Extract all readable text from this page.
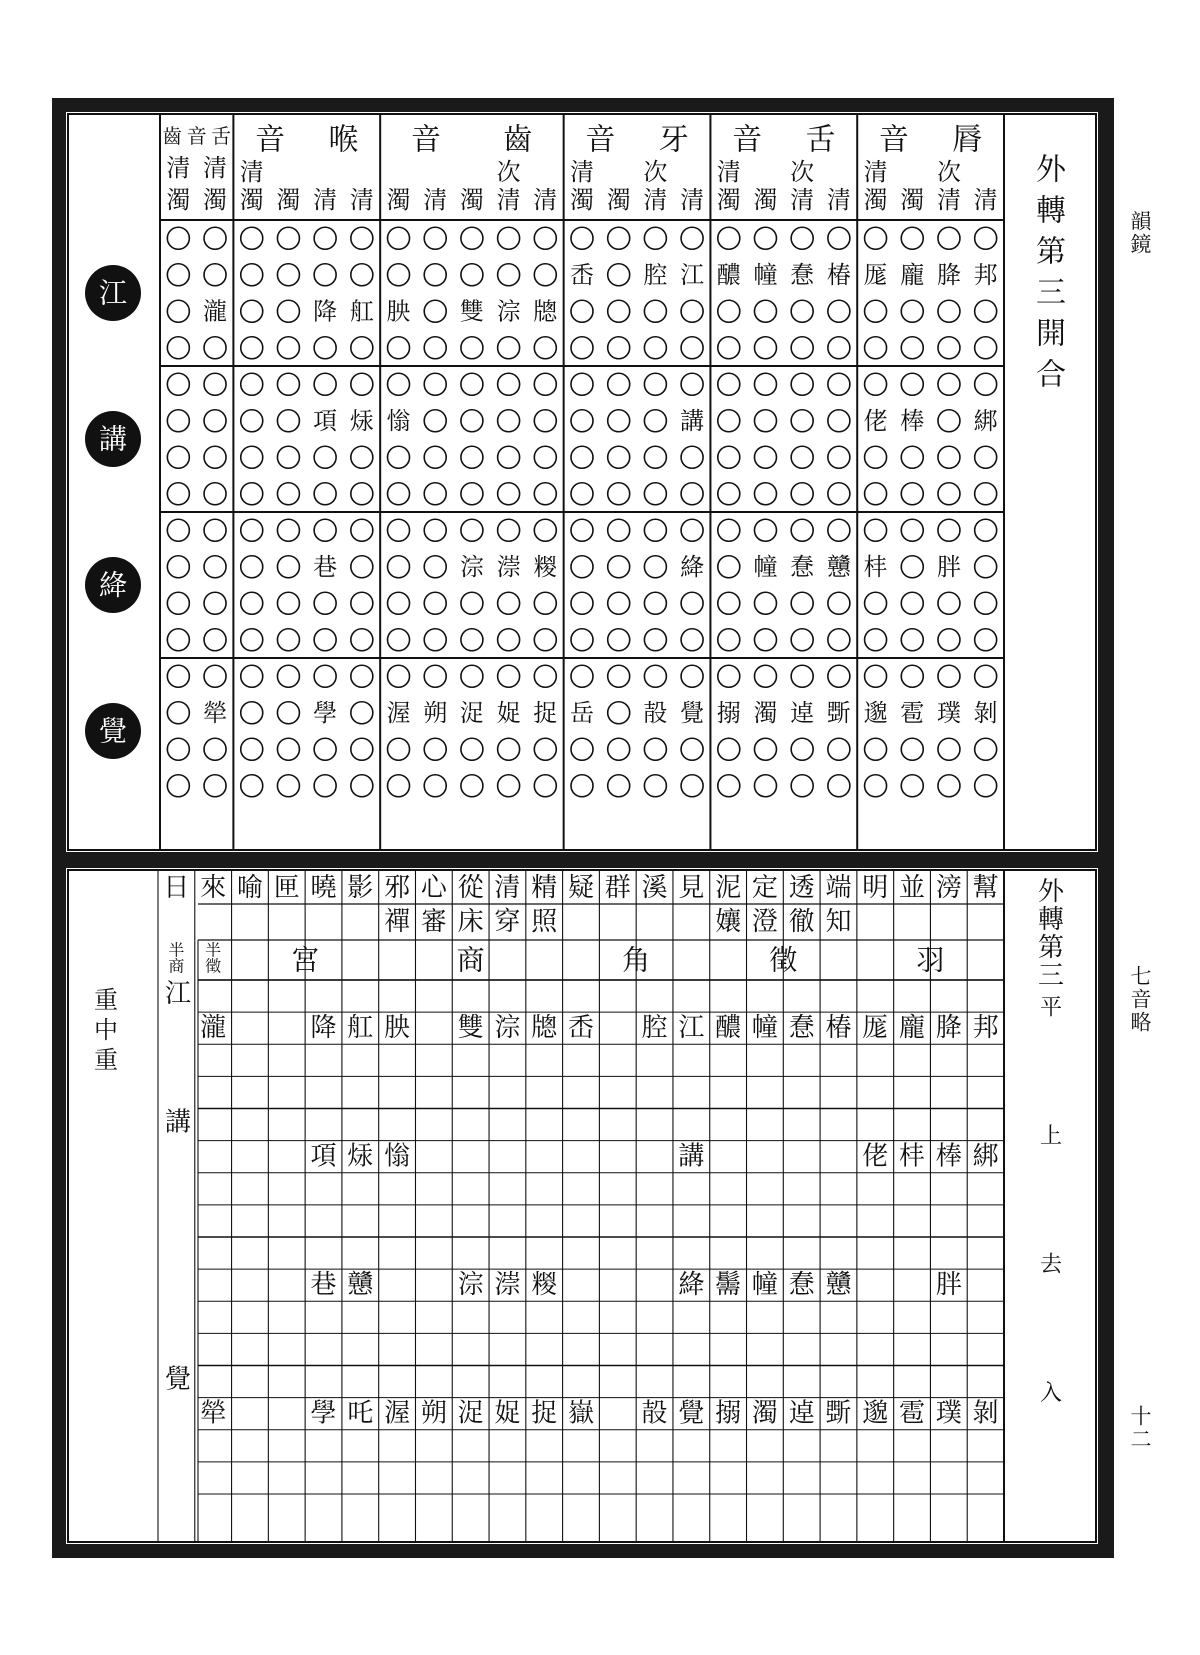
外
轉
第
三
開
合
脣
音
清
次
清
濁
清
濁
舌
音
清
次
清
濁
清
濁
牙
音
清
次
清
濁
清
濁
齒
音
清
次
清
濁
清
濁
喉
音
清
清
濁
清
濁
舌
音
齒
清
濁
清
濁
江
邦
胮
龐
厖
椿
惷
幢
醲
江
腔
㟀
牕
淙
雙
胦
舡
降
瀧
講
綁
棒
佬
講
慃
㶹
項
絳
胖
㭋
戇
惷
幢
絳
糉
漴
淙
巷
覺
剝
璞
雹
邈
斲
逴
濁
搦
覺
㱿
岳
捉
娖
浞
朔
渥
學
犖
外
轉
第
三
幫
滂
並
明
端
透
定
泥
見
溪
群
疑
精
清
從
心
邪
影
曉
匣
喻
來
日
知
徹
澄
孃
照
穿
床
審
禪
羽
徵
角
商
宮
半
徵
半
商
平
上
去
入
江
講
覺
重
中
重
邦
胮
龐
厖
椿
惷
幢
醲
江
腔
㟀
牕
淙
雙
胦
舡
降
瀧
綁
棒
㭋
佬
講
慃
㶹
項
胖
戇
惷
幢
䰑
絳
糉
漴
淙
戇
巷
剝
璞
雹
邈
斲
逴
濁
搦
覺
㱿
嶽
捉
娖
浞
朔
渥
吒
學
犖
韻鏡
七音略
十二
